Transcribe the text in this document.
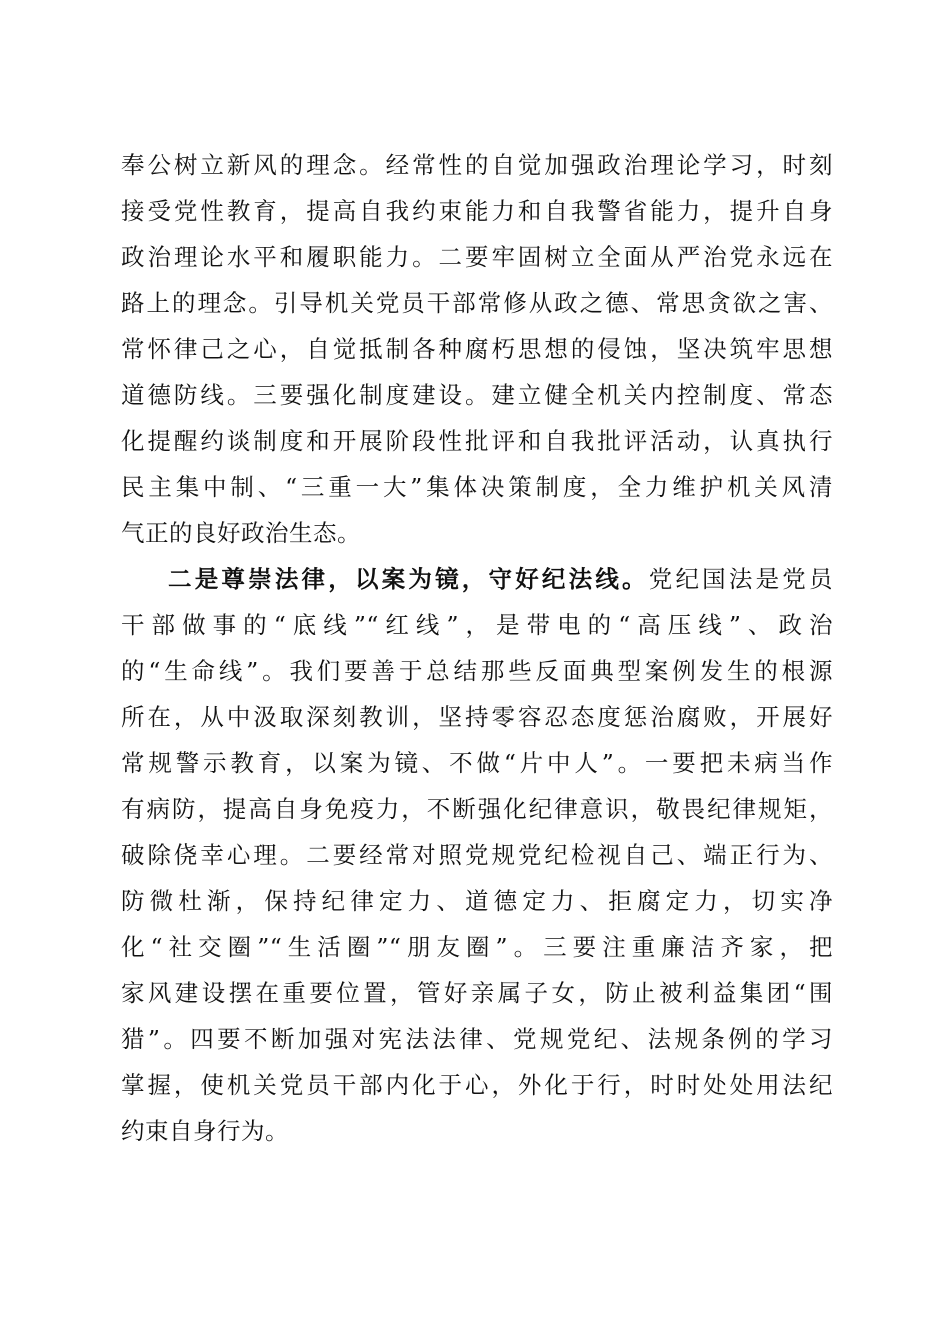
奉公树立新风的理念。经常性的自觉加强政治理论学习，时刻
接受党性教育，提高自我约束能力和自我警省能力，提升自身
政治理论水平和履职能力。二要牢固树立全面从严治党永远在
路上的理念。引导机关党员干部常修从政之德、常思贪欲之害、
常怀律己之心，自觉抵制各种腐朽思想的侵蚀，坚决筑牢思想
道德防线。三要强化制度建设。建立健全机关内控制度、常态
化提醒约谈制度和开展阶段性批评和自我批评活动，认真执行
民主集中制、“三重一大”集体决策制度，全力维护机关风清
气正的良好政治生态。
二是尊崇法律，以案为镜，守好纪法线。党纪国法是党员
干部做事的“底线”“红线”，是带电的“高压线”、政治
的“生命线”。我们要善于总结那些反面典型案例发生的根源
所在，从中汲取深刻教训，坚持零容忍态度惩治腐败，开展好
常规警示教育，以案为镜、不做“片中人”。一要把未病当作
有病防，提高自身免疫力，不断强化纪律意识，敬畏纪律规矩，
破除侥幸心理。二要经常对照党规党纪检视自己、端正行为、
防微杜渐，保持纪律定力、道德定力、拒腐定力，切实净
化“社交圈”“生活圈”“朋友圈”。三要注重廉洁齐家，把
家风建设摆在重要位置，管好亲属子女，防止被利益集团“围
猎”。四要不断加强对宪法法律、党规党纪、法规条例的学习
掌握，使机关党员干部内化于心，外化于行，时时处处用法纪
约束自身行为。
